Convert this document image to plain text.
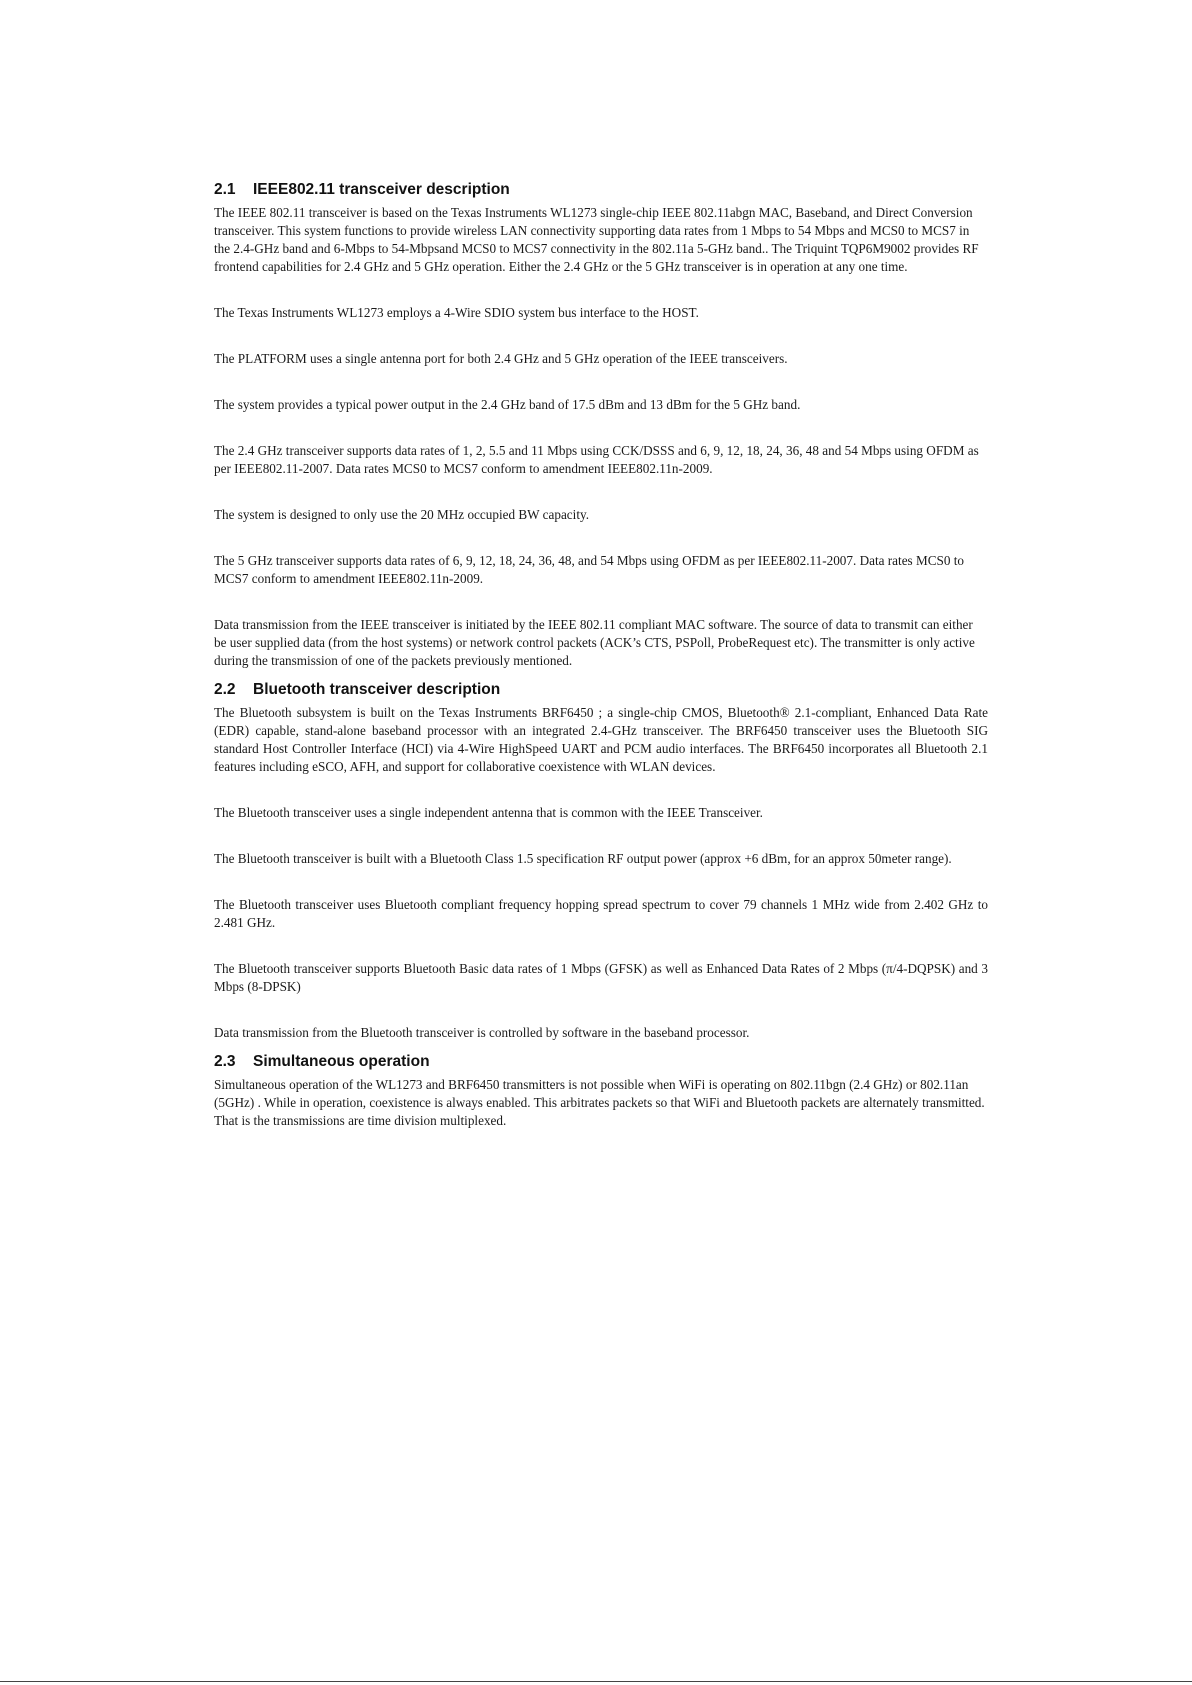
2.1 IEEE802.11 transceiver description

The IEEE 802.11 transceiver is based on the Texas Instruments WL1273 single-chip IEEE 802.11abgn MAC, Baseband, and Direct Conversion transceiver. This system functions to provide wireless LAN connectivity supporting data rates from 1 Mbps to 54 Mbps and MCS0 to MCS7 in the 2.4-GHz band and 6-Mbps to 54-Mbpsand MCS0 to MCS7 connectivity in the 802.11a 5-GHz band.. The Triquint TQP6M9002 provides RF frontend capabilities for 2.4 GHz and 5 GHz operation. Either the 2.4 GHz or the 5 GHz transceiver is in operation at any one time.

The Texas Instruments WL1273 employs a 4-Wire SDIO system bus interface to the HOST.

The PLATFORM uses a single antenna port for both 2.4 GHz and 5 GHz operation of the IEEE transceivers.

The system provides a typical power output in the 2.4 GHz band of 17.5 dBm and 13 dBm for the 5 GHz band.

The 2.4 GHz transceiver supports data rates of 1, 2, 5.5 and 11 Mbps using CCK/DSSS and 6, 9, 12, 18, 24, 36, 48 and 54 Mbps using OFDM as per IEEE802.11-2007. Data rates MCS0 to MCS7 conform to amendment IEEE802.11n-2009.

The system is designed to only use the 20 MHz occupied BW capacity.

The 5 GHz transceiver supports data rates of 6, 9, 12, 18, 24, 36, 48, and 54 Mbps using OFDM as per IEEE802.11-2007. Data rates MCS0 to MCS7 conform to amendment IEEE802.11n-2009.

Data transmission from the IEEE transceiver is initiated by the IEEE 802.11 compliant MAC software. The source of data to transmit can either be user supplied data (from the host systems) or network control packets (ACK’s CTS, PSPoll, ProbeRequest etc). The transmitter is only active during the transmission of one of the packets previously mentioned.

2.2 Bluetooth transceiver description

The Bluetooth subsystem is built on the Texas Instruments BRF6450 ; a single-chip CMOS, Bluetooth® 2.1-compliant, Enhanced Data Rate (EDR) capable, stand-alone baseband processor with an integrated 2.4-GHz transceiver. The BRF6450 transceiver uses the Bluetooth SIG standard Host Controller Interface (HCI) via 4-Wire HighSpeed UART and PCM audio interfaces. The BRF6450 incorporates all Bluetooth 2.1 features including eSCO, AFH, and support for collaborative coexistence with WLAN devices.

The Bluetooth transceiver uses a single independent antenna that is common with the IEEE Transceiver.

The Bluetooth transceiver is built with a Bluetooth Class 1.5 specification RF output power (approx +6 dBm, for an approx 50meter range).

The Bluetooth transceiver uses Bluetooth compliant frequency hopping spread spectrum to cover 79 channels 1 MHz wide from 2.402 GHz to 2.481 GHz.

The Bluetooth transceiver supports Bluetooth Basic data rates of 1 Mbps (GFSK) as well as Enhanced Data Rates of 2 Mbps (π/4-DQPSK) and 3 Mbps (8-DPSK)

Data transmission from the Bluetooth transceiver is controlled by software in the baseband processor.

2.3 Simultaneous operation

Simultaneous operation of the WL1273 and BRF6450 transmitters is not possible when WiFi is operating on 802.11bgn (2.4 GHz) or 802.11an (5GHz) . While in operation, coexistence is always enabled. This arbitrates packets so that WiFi and Bluetooth packets are alternately transmitted. That is the transmissions are time division multiplexed.
